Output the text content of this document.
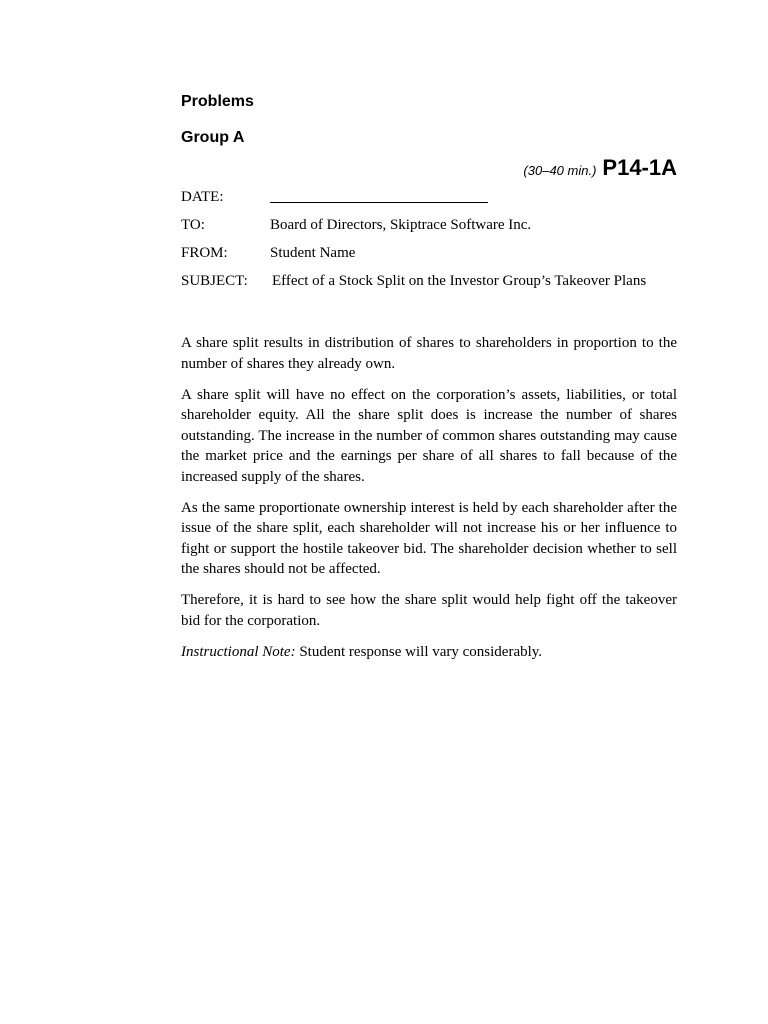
Problems
Group A
(30–40 min.) P14-1A
DATE:
TO:	Board of Directors, Skiptrace Software Inc.
FROM:	Student Name
SUBJECT:	Effect of a Stock Split on the Investor Group’s Takeover Plans

A share split results in distribution of shares to shareholders in proportion to the number of shares they already own.

A share split will have no effect on the corporation’s assets, liabilities, or total shareholder equity. All the share split does is increase the number of shares outstanding. The increase in the number of common shares outstanding may cause the market price and the earnings per share of all shares to fall because of the increased supply of the shares.

As the same proportionate ownership interest is held by each shareholder after the issue of the share split, each shareholder will not increase his or her influence to fight or support the hostile takeover bid. The shareholder decision whether to sell the shares should not be affected.

Therefore, it is hard to see how the share split would help fight off the takeover bid for the corporation.

Instructional Note: Student response will vary considerably.
